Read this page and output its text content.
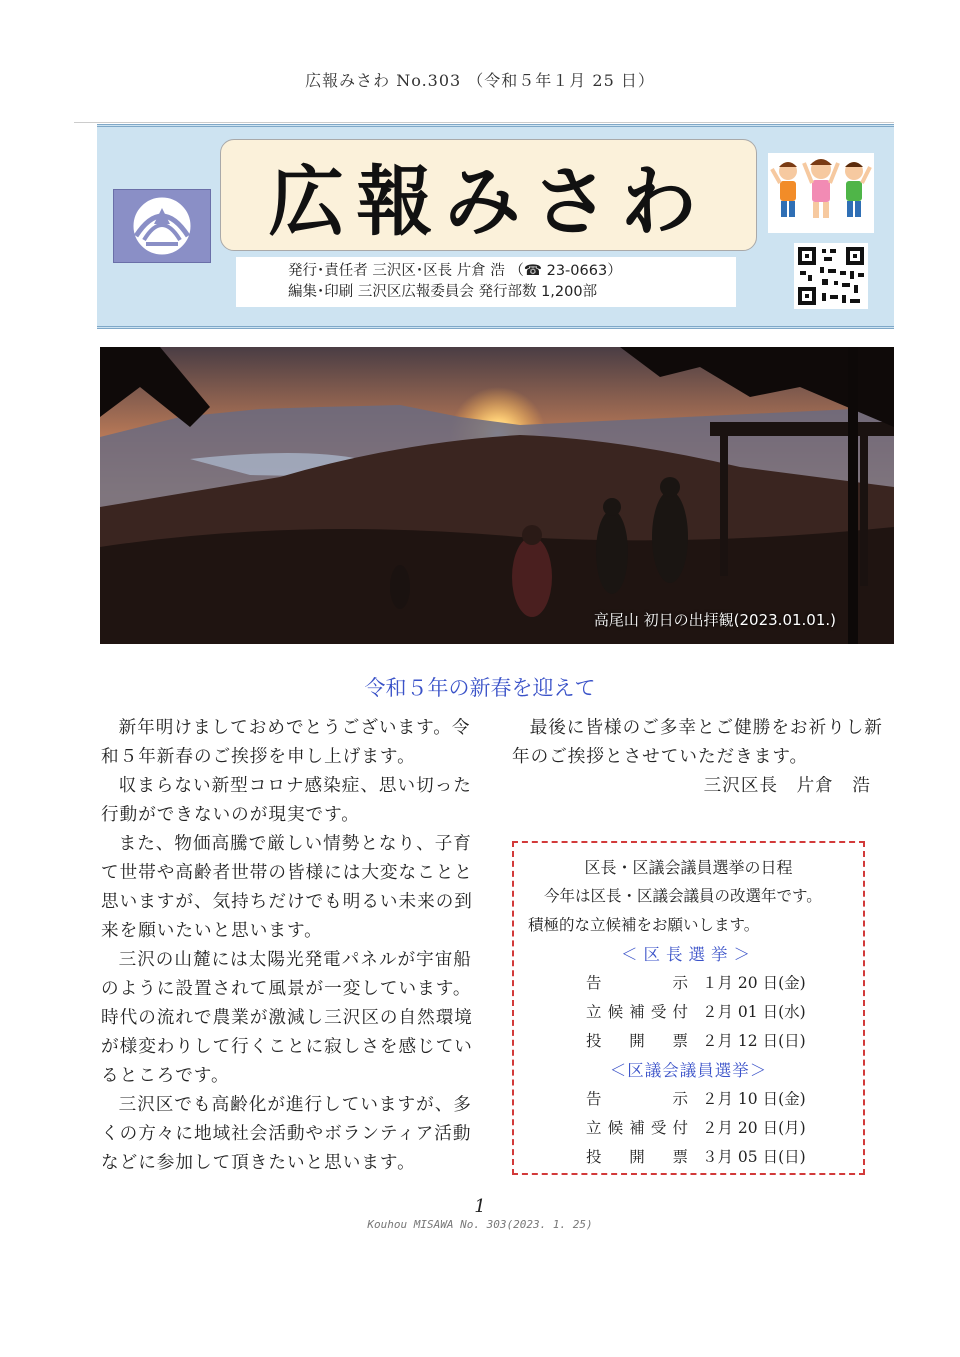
広報みさわ No.303 （令和５年１月 25 日）
広報みさわ
発行･責任者 三沢区･区長 片倉 浩 （☎ 23-0663）
編集･印刷 三沢区広報委員会 発行部数 1,200部
高尾山 初日の出拝観(2023.01.01.)
令和５年の新春を迎えて

新年明けましておめでとうございます。令和５年新春のご挨拶を申し上げます。

収まらない新型コロナ感染症、思い切った行動ができないのが現実です。

また、物価高騰で厳しい情勢となり、子育て世帯や高齢者世帯の皆様には大変なことと思いますが、気持ちだけでも明るい未来の到来を願いたいと思います。

三沢の山麓には太陽光発電パネルが宇宙船のように設置されて風景が一変しています。時代の流れで農業が激減し三沢区の自然環境が様変わりして行くことに寂しさを感じているところです。

三沢区でも高齢化が進行していますが、多くの方々に地域社会活動やボランティア活動などに参加して頂きたいと思います。

最後に皆様のご多幸とご健勝をお祈りし新年のご挨拶とさせていただきます。

三沢区長　片倉　浩

区長・区議会議員選挙の日程
今年は区長・区議会議員の改選年です。
積極的な立候補をお願いします。
＜区長選挙＞
告示 １月 20 日(金)
立候補受付 ２月 01 日(水)
投開票 ２月 12 日(日)
＜区議会議員選挙＞
告示 ２月 10 日(金)
立候補受付 ２月 20 日(月)
投開票 ３月 05 日(日)
1
Kouhou MISAWA No. 303(2023. 1. 25)
